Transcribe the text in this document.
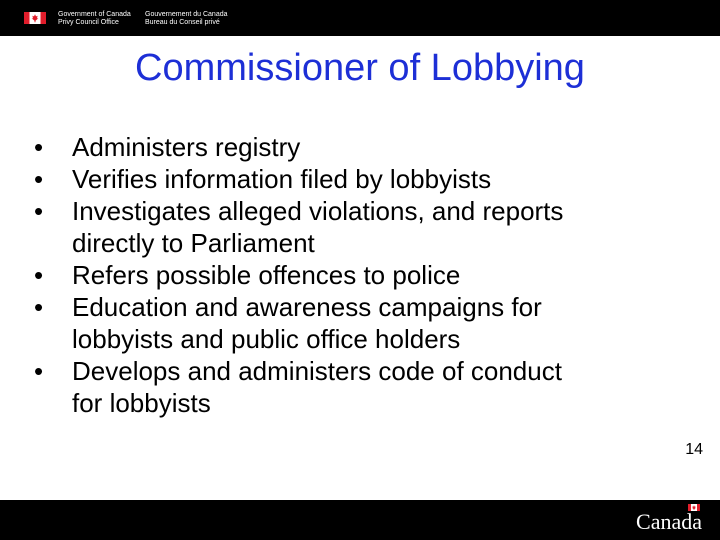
Government of Canada
Privy Council Office
Gouvernement du Canada
Bureau du Conseil privé
Commissioner of Lobbying
•	Administers registry
•	Verifies information filed by lobbyists
•	Investigates alleged violations, and reports
directly to Parliament
•	Refers possible offences to police
•	Education and awareness campaigns for
lobbyists and public office holders
•	Develops and administers code of conduct
for lobbyists
14
Canada
